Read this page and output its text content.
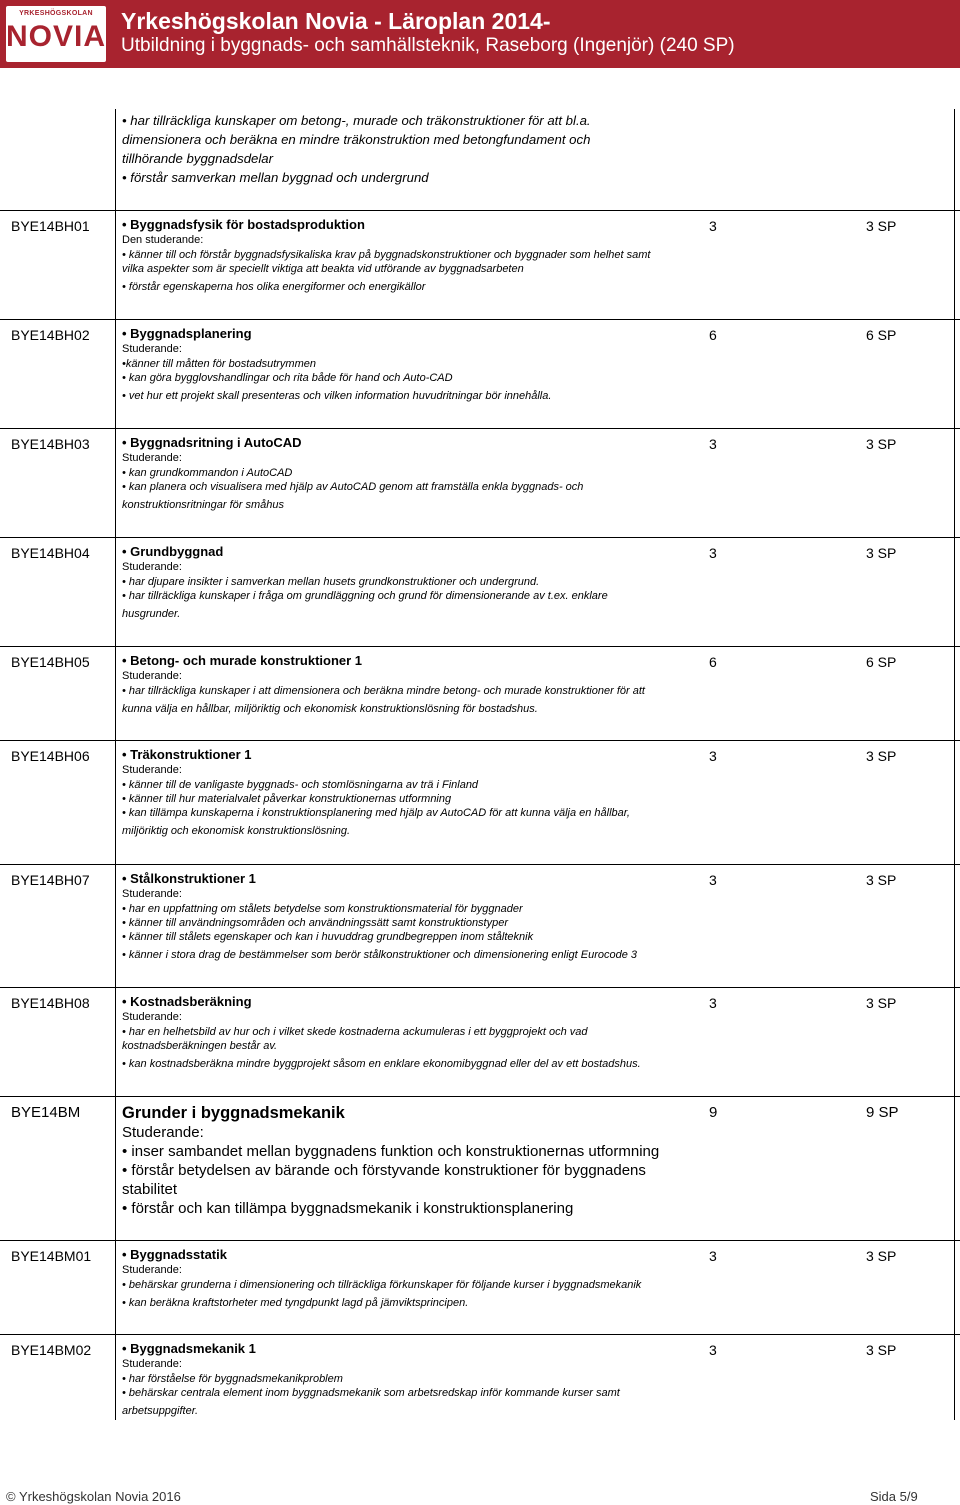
YRKESHÖGSKOLAN
NOVIA Yrkeshögskolan Novia - Läroplan 2014-
Utbildning i byggnads- och samhällsteknik, Raseborg (Ingenjör) (240 SP)

• har tillräckliga kunskaper om betong-, murade och träkonstruktioner för att bl.a.

dimensionera och beräkna en mindre träkonstruktion med betongfundament och

tillhörande byggnadsdelar

• förstår samverkan mellan byggnad och undergrund

BYE14BH01 • Byggnadsfysik för bostadsproduktion

Den studerande:

• känner till och förstår byggnadsfysikaliska krav på byggnadskonstruktioner och byggnader som helhet samt

vilka aspekter som är speciellt viktiga att beakta vid utförande av byggnadsarbeten

• förstår egenskaperna hos olika energiformer och energikällor

3	3 SP
BYE14BH02 • Byggnadsplanering

Studerande:

•känner till måtten för bostadsutrymmen

• kan göra bygglovshandlingar och rita både för hand och Auto-CAD

• vet hur ett projekt skall presenteras och vilken information huvudritningar bör innehålla.

6	6 SP
BYE14BH03 • Byggnadsritning i AutoCAD

Studerande:

• kan grundkommandon i AutoCAD

• kan planera och visualisera med hjälp av AutoCAD genom att framställa enkla byggnads- och

konstruktionsritningar för småhus

3	3 SP
BYE14BH04 • Grundbyggnad

Studerande:

• har djupare insikter i samverkan mellan husets grundkonstruktioner och undergrund.

• har tillräckliga kunskaper i fråga om grundläggning och grund för dimensionerande av t.ex. enklare

husgrunder.

3	3 SP
BYE14BH05 • Betong- och murade konstruktioner 1

Studerande:

• har tillräckliga kunskaper i att dimensionera och beräkna mindre betong- och murade konstruktioner för att

kunna välja en hållbar, miljöriktig och ekonomisk konstruktionslösning för bostadshus.

6	6 SP
BYE14BH06 • Träkonstruktioner 1

Studerande:

• känner till de vanligaste byggnads- och stomlösningarna av trä i Finland

• känner till hur materialvalet påverkar konstruktionernas utformning

• kan tillämpa kunskaperna i konstruktionsplanering med hjälp av AutoCAD för att kunna välja en hållbar,

miljöriktig och ekonomisk konstruktionslösning.

3	3 SP
BYE14BH07 • Stålkonstruktioner 1

Studerande:

• har en uppfattning om stålets betydelse som konstruktionsmaterial för byggnader

• känner till användningsområden och användningssätt samt konstruktionstyper

• känner till stålets egenskaper och kan i huvuddrag grundbegreppen inom stålteknik

• känner i stora drag de bestämmelser som berör stålkonstruktioner och dimensionering enligt Eurocode 3

3	3 SP
BYE14BH08 • Kostnadsberäkning

Studerande:

• har en helhetsbild av hur och i vilket skede kostnaderna ackumuleras i ett byggprojekt och vad

kostnadsberäkningen består av.

• kan kostnadsberäkna mindre byggprojekt såsom en enklare ekonomibyggnad eller del av ett bostadshus.

3	3 SP
BYE14BM	Grunder i byggnadsmekanik

Studerande:

• inser sambandet mellan byggnadens funktion och konstruktionernas utformning

• förstår betydelsen av bärande och förstyvande konstruktioner för byggnadens

stabilitet

• förstår och kan tillämpa byggnadsmekanik i konstruktionsplanering

9	9 SP
BYE14BM01 • Byggnadsstatik

Studerande:

• behärskar grunderna i dimensionering och tillräckliga förkunskaper för följande kurser i byggnadsmekanik

• kan beräkna kraftstorheter med tyngdpunkt lagd på jämviktsprincipen.

3	3 SP
BYE14BM02 • Byggnadsmekanik 1

Studerande:

• har förståelse för byggnadsmekanikproblem

• behärskar centrala element inom byggnadsmekanik som arbetsredskap inför kommande kurser samt

arbetsuppgifter.

3	3 SP
© Yrkeshögskolan Novia 2016	Sida 5/9
